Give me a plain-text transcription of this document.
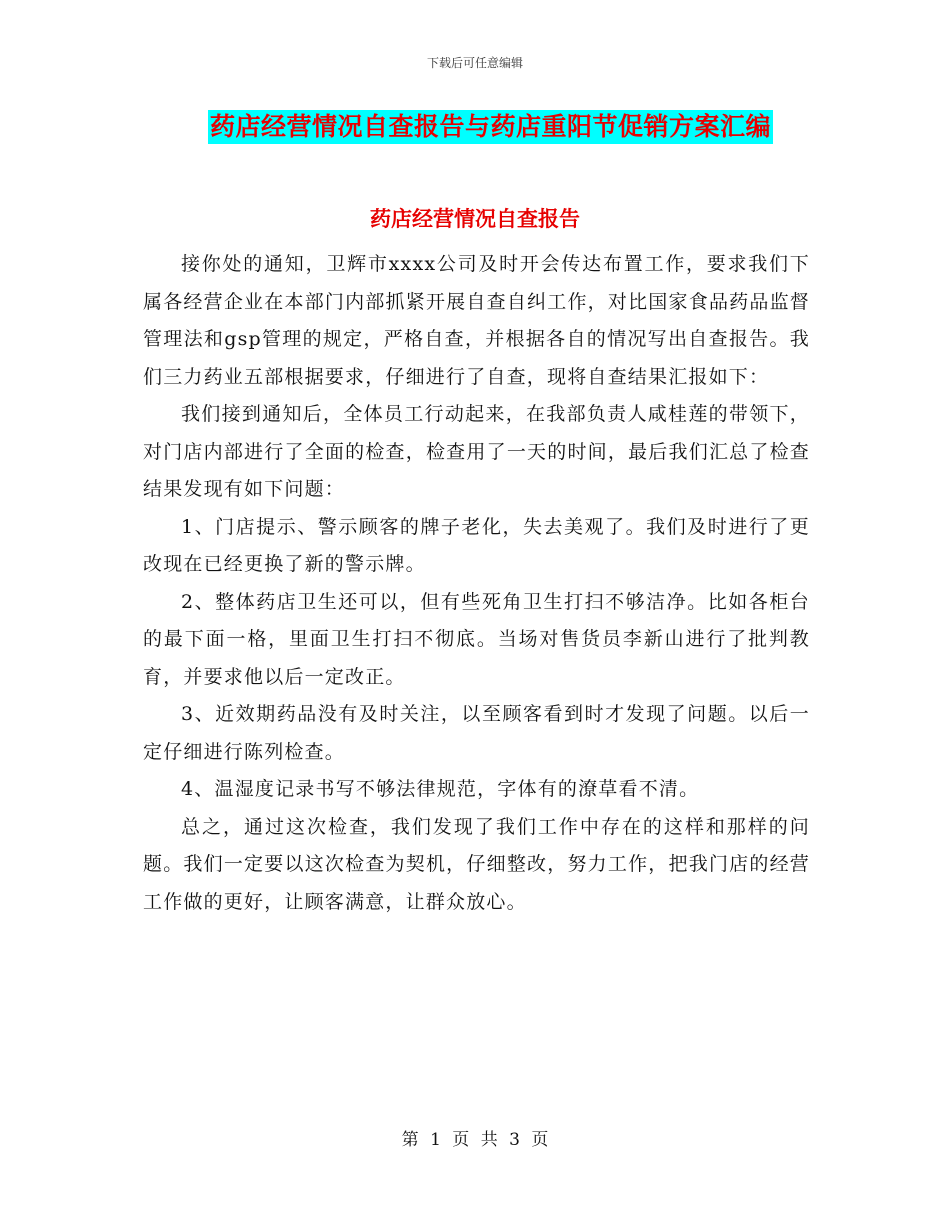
下载后可任意编辑
药店经营情况自查报告与药店重阳节促销方案汇编
药店经营情况自查报告

接你处的通知，卫辉市xxxx公司及时开会传达布置工作，要求我们下属各经营企业在本部门内部抓紧开展自查自纠工作，对比国家食品药品监督管理法和gsp管理的规定，严格自查，并根据各自的情况写出自查报告。我们三力药业五部根据要求，仔细进行了自查，现将自查结果汇报如下：

我们接到通知后，全体员工行动起来，在我部负责人咸桂莲的带领下，对门店内部进行了全面的检查，检查用了一天的时间，最后我们汇总了检查结果发现有如下问题：

1、门店提示、警示顾客的牌子老化，失去美观了。我们及时进行了更改现在已经更换了新的警示牌。

2、整体药店卫生还可以，但有些死角卫生打扫不够洁净。比如各柜台的最下面一格，里面卫生打扫不彻底。当场对售货员李新山进行了批判教育，并要求他以后一定改正。

3、近效期药品没有及时关注，以至顾客看到时才发现了问题。以后一定仔细进行陈列检查。

4、温湿度记录书写不够法律规范，字体有的潦草看不清。

总之，通过这次检查，我们发现了我们工作中存在的这样和那样的问题。我们一定要以这次检查为契机，仔细整改，努力工作，把我门店的经营工作做的更好，让顾客满意，让群众放心。

第 1 页 共 3 页
